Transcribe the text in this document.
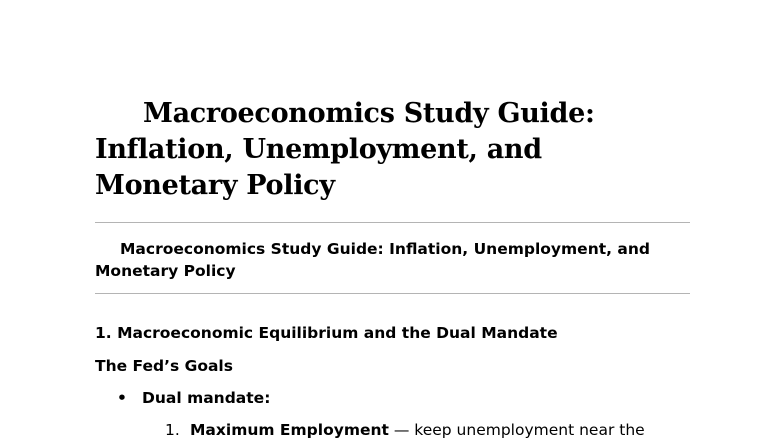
Macroeconomics Study Guide: Inflation, Unemployment, and Monetary Policy

Macroeconomics Study Guide: Inflation, Unemployment, and Monetary Policy

1. Macroeconomic Equilibrium and the Dual Mandate
The Fed’s Goals
• Dual mandate:
1. Maximum Employment — keep unemployment near the
